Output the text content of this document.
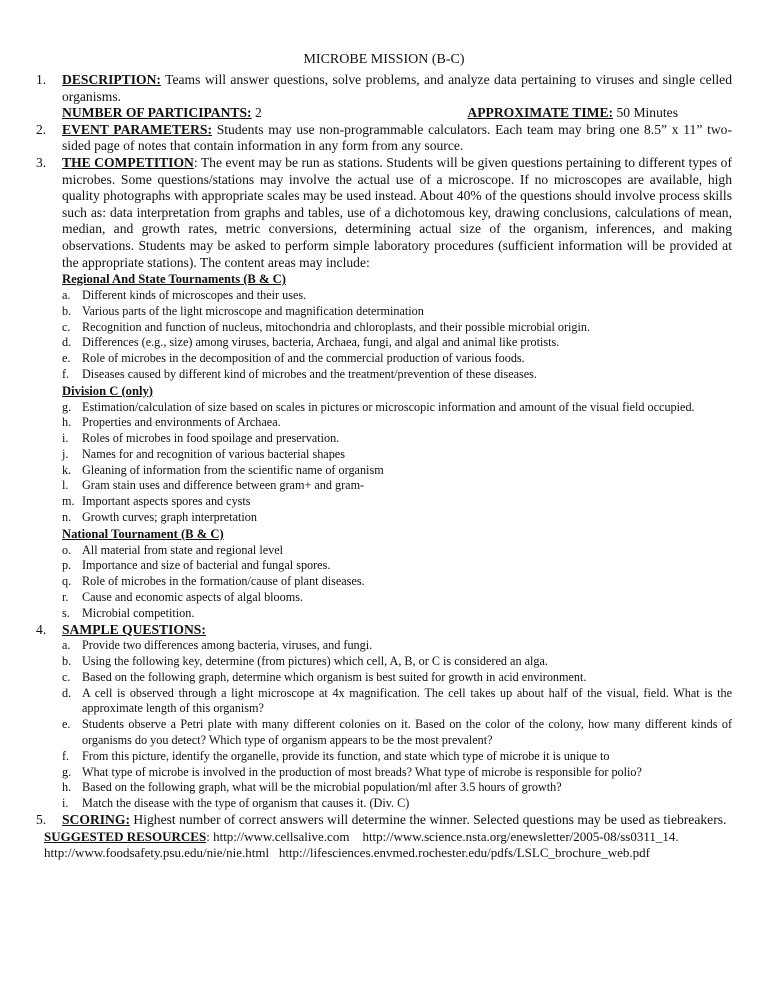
MICROBE MISSION (B-C)
1.	DESCRIPTION: Teams will answer questions, solve problems, and analyze data pertaining to viruses and single celled organisms.
NUMBER OF PARTICIPANTS: 2	APPROXIMATE TIME: 50 Minutes
2.	EVENT PARAMETERS: Students may use non-programmable calculators. Each team may bring one 8.5” x 11” two-sided page of notes that contain information in any form from any source.
3.	THE COMPETITION: The event may be run as stations. Students will be given questions pertaining to different types of microbes. Some questions/stations may involve the actual use of a microscope. If no microscopes are available, high quality photographs with appropriate scales may be used instead. About 40% of the questions should involve process skills such as: data interpretation from graphs and tables, use of a dichotomous key, drawing conclusions, calculations of mean, median, and growth rates, metric conversions, determining actual size of the organism, inferences, and making observations. Students may be asked to perform simple laboratory procedures (sufficient information will be provided at the appropriate stations). The content areas may include:
Regional And State Tournaments (B & C)
a. Different kinds of microscopes and their uses.
b. Various parts of the light microscope and magnification determination
c. Recognition and function of nucleus, mitochondria and chloroplasts, and their possible microbial origin.
d. Differences (e.g., size) among viruses, bacteria, Archaea, fungi, and algal and animal like protists.
e. Role of microbes in the decomposition of and the commercial production of various foods.
f.	Diseases caused by different kind of microbes and the treatment/prevention of these diseases.
Division C (only)
g. Estimation/calculation of size based on scales in pictures or microscopic information and amount of the visual field occupied.
h. Properties and environments of Archaea.
i.	Roles of microbes in food spoilage and preservation.
j.	Names for and recognition of various bacterial shapes
k. Gleaning of information from the scientific name of organism
l.	Gram stain uses and difference between gram+ and gram-
m. Important aspects spores and cysts
n. Growth curves; graph interpretation
National Tournament (B & C)
o. All material from state and regional level
p. Importance and size of bacterial and fungal spores.
q. Role of microbes in the formation/cause of plant diseases.
r.	Cause and economic aspects of algal blooms.
s.	Microbial competition.
4.	SAMPLE QUESTIONS:
a. Provide two differences among bacteria, viruses, and fungi.
b. Using the following key, determine (from pictures) which cell, A, B, or C is considered an alga.
c. Based on the following graph, determine which organism is best suited for growth in acid environment.
d. A cell is observed through a light microscope at 4x magnification. The cell takes up about half of the visual, field. What is the approximate length of this organism?
e. Students observe a Petri plate with many different colonies on it. Based on the color of the colony, how many different kinds of organisms do you detect? Which type of organism appears to be the most prevalent?
f.	From this picture, identify the organelle, provide its function, and state which type of microbe it is unique to
g. What type of microbe is involved in the production of most breads? What type of microbe is responsible for polio?
h. Based on the following graph, what will be the microbial population/ml after 3.5 hours of growth?
i.	Match the disease with the type of organism that causes it. (Div. C)
5.	SCORING: Highest number of correct answers will determine the winner. Selected questions may be used as tiebreakers.
SUGGESTED RESOURCES: http://www.cellsalive.com http://www.science.nsta.org/enewsletter/2005-08/ss0311_14.
http://www.foodsafety.psu.edu/nie/nie.html http://lifesciences.envmed.rochester.edu/pdfs/LSLC_brochure_web.pdf
